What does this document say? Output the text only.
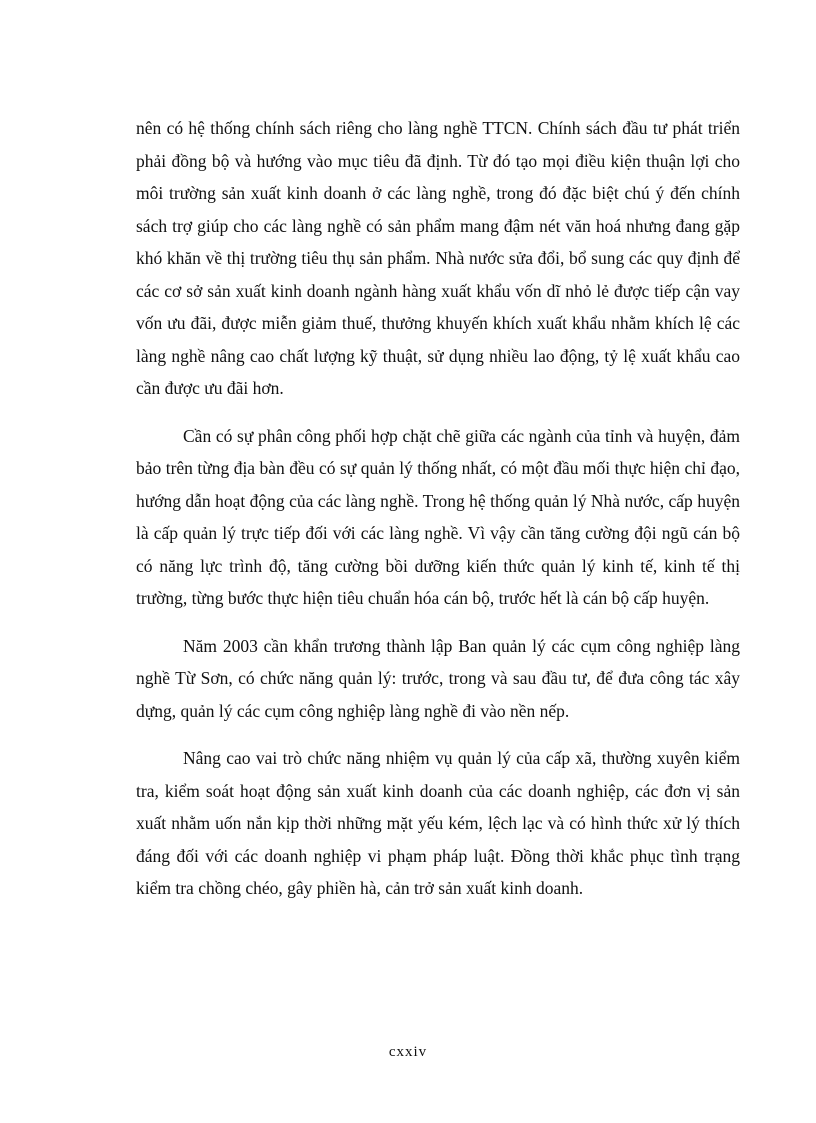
nên có hệ thống chính sách riêng cho làng nghề TTCN. Chính sách đầu tư phát triển phải đồng bộ và hướng vào mục tiêu đã định. Từ đó tạo mọi điều kiện thuận lợi cho môi trường sản xuất kinh doanh ở các làng nghề, trong đó đặc biệt chú ý đến chính sách trợ giúp cho các làng nghề có sản phẩm mang đậm nét văn hoá nhưng đang gặp khó khăn về thị trường tiêu thụ sản phẩm. Nhà nước sửa đổi, bổ sung các quy định để các cơ sở sản xuất kinh doanh ngành hàng xuất khẩu vốn dĩ nhỏ lẻ được tiếp cận vay vốn ưu đãi, được miễn giảm thuế, thưởng khuyến khích xuất khẩu nhằm khích lệ các làng nghề nâng cao chất lượng kỹ thuật, sử dụng nhiều lao động, tỷ lệ xuất khẩu cao cần được ưu đãi hơn.

Cần có sự phân công phối hợp chặt chẽ giữa các ngành của tỉnh và huyện, đảm bảo trên từng địa bàn đều có sự quản lý thống nhất, có một đầu mối thực hiện chỉ đạo, hướng dẫn hoạt động của các làng nghề. Trong hệ thống quản lý Nhà nước, cấp huyện là cấp quản lý trực tiếp đối với các làng nghề. Vì vậy cần tăng cường đội ngũ cán bộ có năng lực trình độ, tăng cường bồi dưỡng kiến thức quản lý kinh tế, kinh tế thị trường, từng bước thực hiện tiêu chuẩn hóa cán bộ, trước hết là cán bộ cấp huyện.

Năm 2003 cần khẩn trương thành lập Ban quản lý các cụm công nghiệp làng nghề Từ Sơn, có chức năng quản lý: trước, trong và sau đầu tư, để đưa công tác xây dựng, quản lý các cụm công nghiệp làng nghề đi vào nền nếp.

Nâng cao vai trò chức năng nhiệm vụ quản lý của cấp xã, thường xuyên kiểm tra, kiểm soát hoạt động sản xuất kinh doanh của các doanh nghiệp, các đơn vị sản xuất nhằm uốn nắn kịp thời những mặt yếu kém, lệch lạc và có hình thức xử lý thích đáng đối với các doanh nghiệp vi phạm pháp luật. Đồng thời khắc phục tình trạng kiểm tra chồng chéo, gây phiền hà, cản trở sản xuất kinh doanh.

cxxiv
